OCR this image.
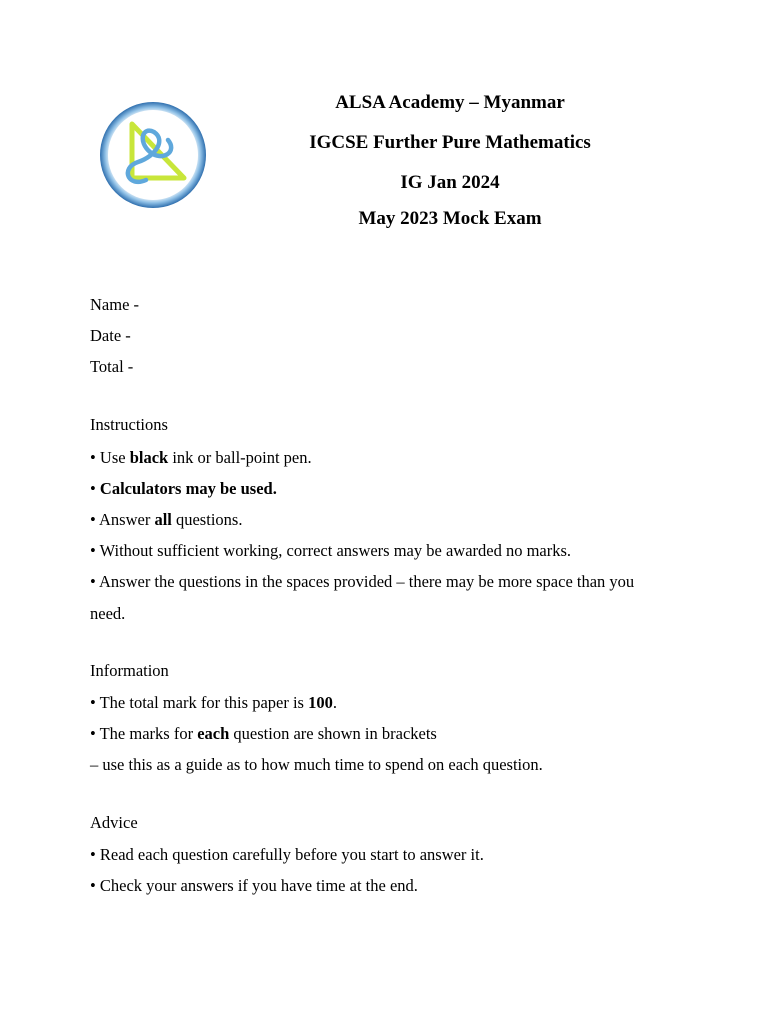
ALSA Academy – Myanmar
IGCSE Further Pure Mathematics
IG Jan 2024
May 2023 Mock Exam
Name -
Date -
Total -
Instructions
• Use black ink or ball-point pen.
• Calculators may be used.
• Answer all questions.
• Without sufficient working, correct answers may be awarded no marks.
• Answer the questions in the spaces provided – there may be more space than you
need.
Information
• The total mark for this paper is 100.
• The marks for each question are shown in brackets
– use this as a guide as to how much time to spend on each question.
Advice
• Read each question carefully before you start to answer it.
• Check your answers if you have time at the end.
